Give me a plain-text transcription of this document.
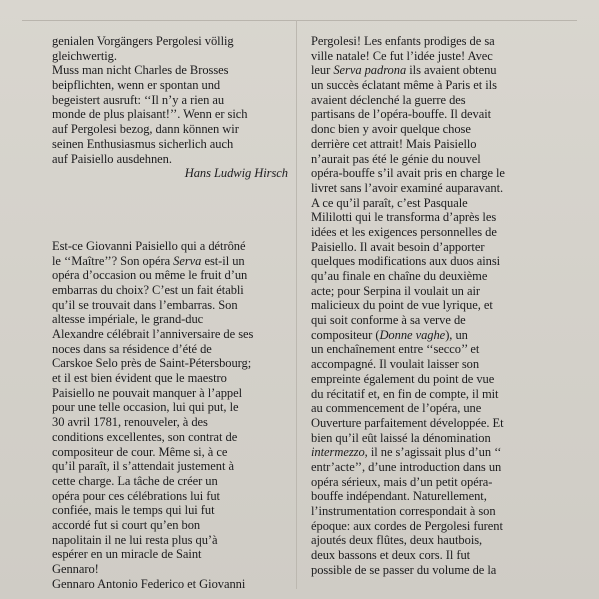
genialen Vorgängers Pergolesi völlig
gleichwertig.
Muss man nicht Charles de Brosses
beipflichten, wenn er spontan und
begeistert ausruft: ‘‘Il n’y a rien au
monde de plus plaisant!’’. Wenn er sich
auf Pergolesi bezog, dann können wir
seinen Enthusiasmus sicherlich auch
auf Paisiello ausdehnen.
Hans Ludwig Hirsch
Est-ce Giovanni Paisiello qui a détrôné
le ‘‘Maître’’? Son opéra Serva est-il un
opéra d’occasion ou même le fruit d’un
embarras du choix? C’est un fait établi
qu’il se trouvait dans l’embarras. Son
altesse impériale, le grand-duc
Alexandre célébrait l’anniversaire de ses
noces dans sa résidence d’été de
Carskoe Selo près de Saint-Pétersbourg;
et il est bien évident que le maestro
Paisiello ne pouvait manquer à l’appel
pour une telle occasion, lui qui put, le
30 avril 1781, renouveler, à des
conditions excellentes, son contrat de
compositeur de cour. Même si, à ce
qu’il paraît, il s’attendait justement à
cette charge. La tâche de créer un
opéra pour ces célébrations lui fut
confiée, mais le temps qui lui fut
accordé fut si court qu’en bon
napolitain il ne lui resta plus qu’à
espérer en un miracle de Saint
Gennaro!
Gennaro Antonio Federico et Giovanni
Pergolesi! Les enfants prodiges de sa
ville natale! Ce fut l’idée juste! Avec
leur Serva padrona ils avaient obtenu
un succès éclatant même à Paris et ils
avaient déclenché la guerre des
partisans de l’opéra-bouffe. Il devait
donc bien y avoir quelque chose
derrière cet attrait! Mais Paisiello
n’aurait pas été le génie du nouvel
opéra-bouffe s’il avait pris en charge le
livret sans l’avoir examiné auparavant.
A ce qu’il paraît, c’est Pasquale
Mililotti qui le transforma d’après les
idées et les exigences personnelles de
Paisiello. Il avait besoin d’apporter
quelques modifications aux duos ainsi
qu’au finale en chaîne du deuxième
acte; pour Serpina il voulait un air
malicieux du point de vue lyrique, et
qui soit conforme à sa verve de
compositeur (Donne vaghe), un
un enchaînement entre ‘‘secco’’ et
accompagné. Il voulait laisser son
empreinte également du point de vue
du récitatif et, en fin de compte, il mit
au commencement de l’opéra, une
Ouverture parfaitement développée. Et
bien qu’il eût laissé la dénomination
intermezzo, il ne s’agissait plus d’un ‘‘
entr’acte’’, d’une introduction dans un
opéra sérieux, mais d’un petit opéra-
bouffe indépendant. Naturellement,
l’instrumentation correspondait à son
époque: aux cordes de Pergolesi furent
ajoutés deux flûtes, deux hautbois,
deux bassons et deux cors. Il fut
possible de se passer du volume de la
